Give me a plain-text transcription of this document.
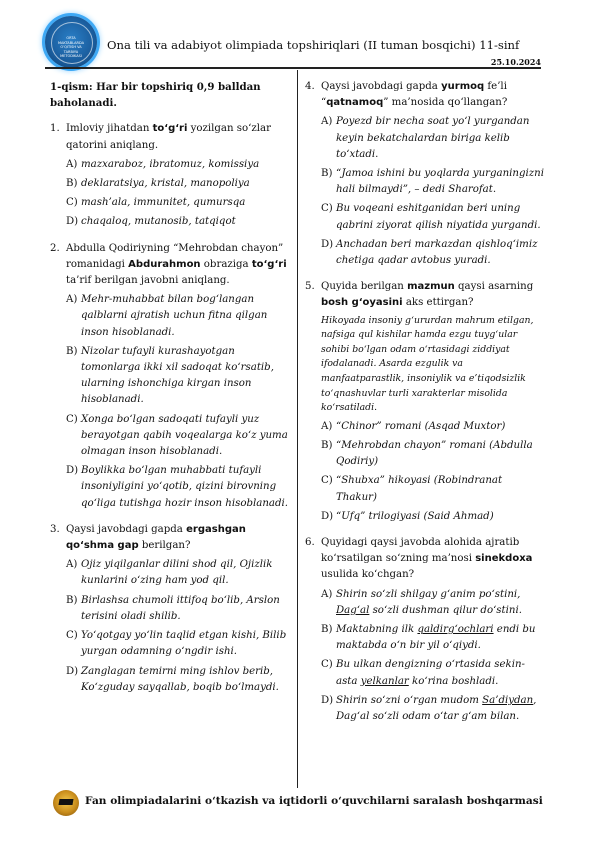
ORTA MAKTABLARDA O‘QITISH VA TARBIYA METODIKASI
Ona tili va adabiyot olimpiada topshiriqlari (II tuman bosqichi) 11-sinf
25.10.2024
1-qism: Har bir topshiriq 0,9 balldan baholanadi.
1. Imloviy jihatdan to‘g‘ri yozilgan so‘zlar qatorini aniqlang.
A) mazxaraboz, ibratomuz, komissiya
B) deklaratsiya, kristal, manopoliya
C) mash’ala, immunitet, qumursqa
D) chaqaloq, mutanosib, tatqiqot
2. Abdulla Qodiriyning “Mehrobdan chayon” romanidagi Abdurahmon obraziga to‘g‘ri ta’rif berilgan javobni aniqlang.
A) Mehr-muhabbat bilan bog‘langan qalblarni ajratish uchun fitna qilgan inson hisoblanadi.
B) Nizolar tufayli kurashayotgan tomonlarga ikki xil sadoqat ko‘rsatib, ularning ishonchiga kirgan inson hisoblanadi.
C) Xonga bo‘lgan sadoqati tufayli yuz berayotgan qabih voqealarga ko‘z yuma olmagan inson hisoblanadi.
D) Boylikka bo‘lgan muhabbati tufayli insoniyligini yo‘qotib, qizini birovning qo‘liga tutishga hozir inson hisoblanadi.
3. Qaysi javobdagi gapda ergashgan qo‘shma gap berilgan?
A) Ojiz yiqilganlar dilini shod qil, Ojizlik kunlarini o‘zing ham yod qil.
B) Birlashsa chumoli ittifoq bo‘lib, Arslon terisini oladi shilib.
C) Yo‘qotgay yo‘lin taqlid etgan kishi, Bilib yurgan odamning o‘ngdir ishi.
D) Zanglagan temirni ming ishlov berib, Ko‘zguday sayqallab, boqib bo‘lmaydi.
4. Qaysi javobdagi gapda yurmoq fe’li “qatnamoq” ma’nosida qo‘llangan?
A) Poyezd bir necha soat yo‘l yurgandan keyin bekatchalardan biriga kelib to‘xtadi.
B) “Jamoa ishini bu yoqlarda yurganingizni hali bilmaydi”, – dedi Sharofat.
C) Bu voqeani eshitganidan beri uning qabrini ziyorat qilish niyatida yurgandi.
D) Anchadan beri markazdan qishloq‘imiz chetiga qadar avtobus yuradi.
5. Quyida berilgan mazmun qaysi asarning bosh g‘oyasini aks ettirgan?
Hikoyada insoniy g‘ururdan mahrum etilgan, nafsiga qul kishilar hamda ezgu tuyg‘ular sohibi bo‘lgan odam o‘rtasidagi ziddiyat ifodalanadi. Asarda ezgulik va manfaatparastlik, insoniylik va e’tiqodsizlik to‘qnashuvlar turli xarakterlar misolida ko‘rsatiladi.
A) “Chinor” romani (Asqad Muxtor)
B) “Mehrobdan chayon” romani (Abdulla Qodiriy)
C) “Shubxa” hikoyasi (Robindranat Thakur)
D) “Ufq” trilogiyasi (Said Ahmad)
6. Quyidagi qaysi javobda alohida ajratib ko‘rsatilgan so‘zning ma’nosi sinekdoxa usulida ko‘chgan?
A) Shirin so‘zli shilgay g‘anim po‘stini, Dag‘al so‘zli dushman qilur do‘stini.
B) Maktabning ilk qaldirg‘ochlari endi bu maktabda o‘n bir yil o‘qiydi.
C) Bu ulkan dengizning o‘rtasida sekin-asta yelkanlar ko‘rina boshladi.
D) Shirin so‘zni o‘rgan mudom Sa’diydan, Dag‘al so‘zli odam o‘tar g‘am bilan.
Fan olimpiadalarini o‘tkazish va iqtidorli o‘quvchilarni saralash boshqarmasi
